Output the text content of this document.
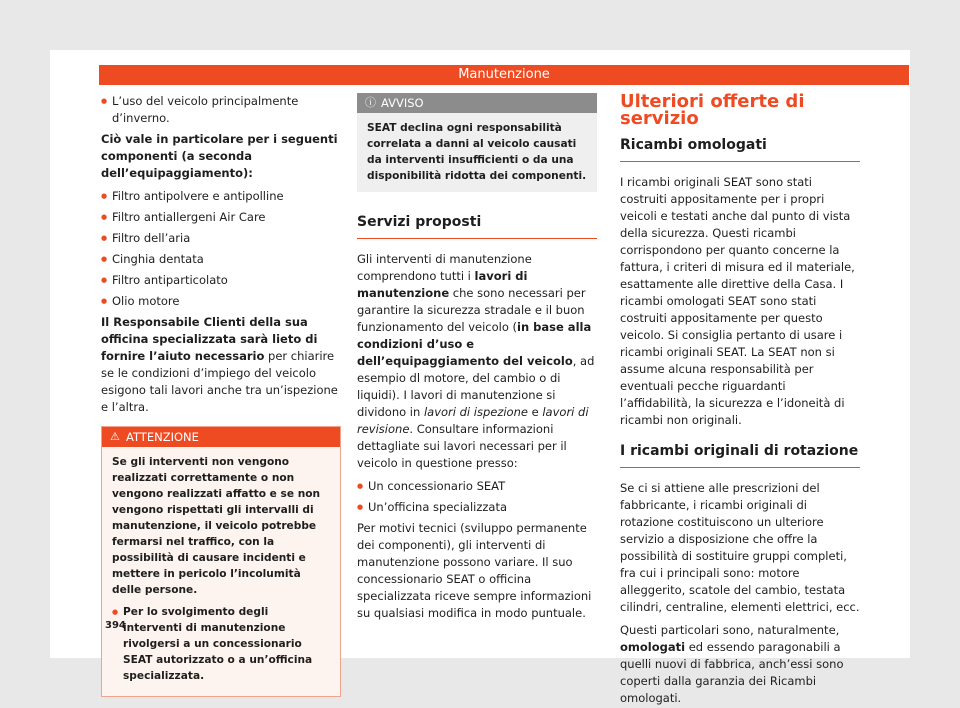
Manutenzione
● L’uso del veicolo principalmente d’inverno.

Ciò vale in particolare per i seguenti componenti (a seconda dell’equipaggiamento):

● Filtro antipolvere e antipolline
● Filtro antiallergeni Air Care
● Filtro dell’aria
● Cinghia dentata
● Filtro antiparticolato
● Olio motore

Il Responsabile Clienti della sua officina specializzata sarà lieto di fornire l’aiuto necessario per chiarire se le condizioni d’impiego del veicolo esigono tali lavori anche tra un’ispezione e l’altra.

⚠ ATTENZIONE

Se gli interventi non vengono realizzati correttamente o non vengono realizzati affatto e se non vengono rispettati gli intervalli di manutenzione, il veicolo potrebbe fermarsi nel traffico, con la possibilità di causare incidenti e mettere in pericolo l’incolumità delle persone.

● Per lo svolgimento degli interventi di manutenzione rivolgersi a un concessionario SEAT autorizzato o a un’officina specializzata.
ⓘ AVVISO
SEAT declina ogni responsabilità correlata a danni al veicolo causati da interventi insufficienti o da una disponibilità ridotta dei componenti.
Servizi proposti

Gli interventi di manutenzione comprendono tutti i lavori di manutenzione che sono necessari per garantire la sicurezza stradale e il buon funzionamento del veicolo (in base alla condizioni d’uso e dell’equipaggiamento del veicolo, ad esempio dl motore, del cambio o di liquidi). I lavori di manutenzione si dividono in lavori di ispezione e lavori di revisione. Consultare informazioni dettagliate sui lavori necessari per il veicolo in questione presso:

● Un concessionario SEAT
● Un’officina specializzata

Per motivi tecnici (sviluppo permanente dei componenti), gli interventi di manutenzione possono variare. Il suo concessionario SEAT o officina specializzata riceve sempre informazioni su qualsiasi modifica in modo puntuale.

Ulteriori offerte di servizio
Ricambi omologati

I ricambi originali SEAT sono stati costruiti appositamente per i propri veicoli e testati anche dal punto di vista della sicurezza. Questi ricambi corrispondono per quanto concerne la fattura, i criteri di misura ed il materiale, esattamente alle direttive della Casa. I ricambi omologati SEAT sono stati costruiti appositamente per questo veicolo. Si consiglia pertanto di usare i ricambi originali SEAT. La SEAT non si assume alcuna responsabilità per eventuali pecche riguardanti l’affidabilità, la sicurezza e l’idoneità di ricambi non originali.

I ricambi originali di rotazione

Se ci si attiene alle prescrizioni del fabbricante, i ricambi originali di rotazione costituiscono un ulteriore servizio a disposizione che offre la possibilità di sostituire gruppi completi, fra cui i principali sono: motore alleggerito, scatole del cambio, testata cilindri, centraline, elementi elettrici, ecc.

Questi particolari sono, naturalmente, omologati ed essendo paragonabili a quelli nuovi di fabbrica, anch’essi sono coperti dalla garanzia dei Ricambi omologati.

394
